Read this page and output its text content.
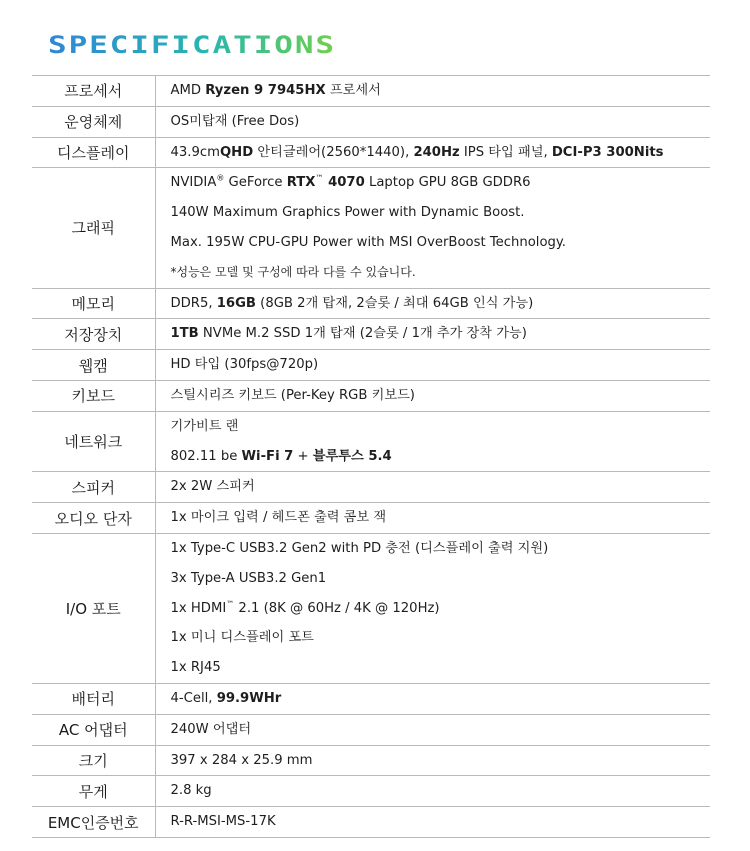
SPECIFICATIONS
프로세서	AMD Ryzen 9 7945HX 프로세서

운영체제	OS미탑재 (Free Dos)

디스플레이	43.9cmQHD 안티글레어(2560*1440), 240Hz IPS 타입 패널, DCI-P3 300Nits

그래픽	NVIDIA® GeForce RTX™ 4070 Laptop GPU 8GB GDDR6
140W Maximum Graphics Power with Dynamic Boost.
Max. 195W CPU-GPU Power with MSI OverBoost Technology.
*성능은 모델 및 구성에 따라 다를 수 있습니다.

메모리	DDR5, 16GB (8GB 2개 탑재, 2슬롯 / 최대 64GB 인식 가능)

저장장치	1TB NVMe M.2 SSD 1개 탑재 (2슬롯 / 1개 추가 장착 가능)

웹캠	HD 타입 (30fps@720p)

키보드	스틸시리즈 키보드 (Per-Key RGB 키보드)

네트워크	기가비트 랜
802.11 be Wi-Fi 7 + 블루투스 5.4

스피커	2x 2W 스피커

오디오 단자	1x 마이크 입력 / 헤드폰 출력 콤보 잭

I/O 포트	1x Type-C USB3.2 Gen2 with PD 충전 (디스플레이 출력 지원)
3x Type-A USB3.2 Gen1
1x HDMI™ 2.1 (8K @ 60Hz / 4K @ 120Hz)
1x 미니 디스플레이 포트
1x RJ45

배터리	4-Cell, 99.9WHr

AC 어댑터	240W 어댑터

크기	397 x 284 x 25.9 mm

무게	2.8 kg

EMC인증번호	R-R-MSI-MS-17K
